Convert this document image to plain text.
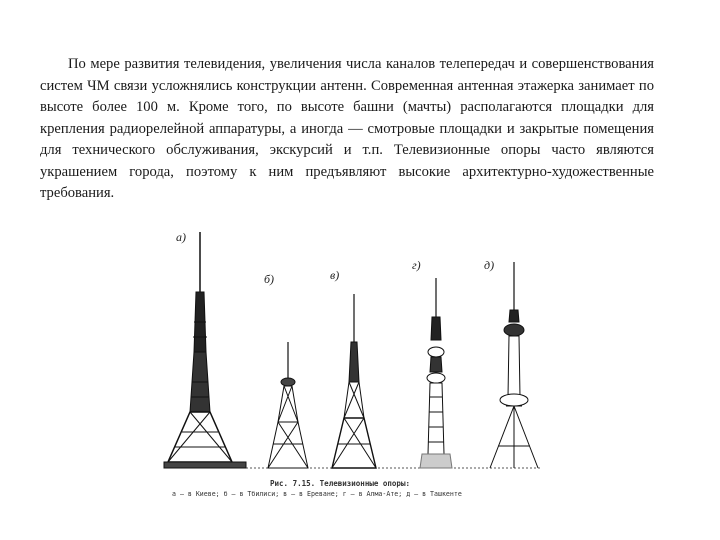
По мере развития телевидения, увеличения числа каналов телепередач и совершенствования систем ЧМ связи усложнялись конструкции антенн. Современная антенная этажерка занимает по высоте более 100 м. Кроме того, по высоте башни (мачты) располагаются площадки для крепления радиорелейной аппаратуры, а иногда — смотровые площадки и закрытые помещения для технического обслуживания, экскурсий и т.п. Телевизионные опоры часто являются украшением города, поэтому к ним предъявляют высокие архитектурно-художественные требования.

а)
б)	в)
г)	д)
Рис. 7.15. Телевизионные опоры:
а — в Киеве; б — в Тбилиси; в — в Ереване; г — в Алма-Ате; д — в Ташкенте
